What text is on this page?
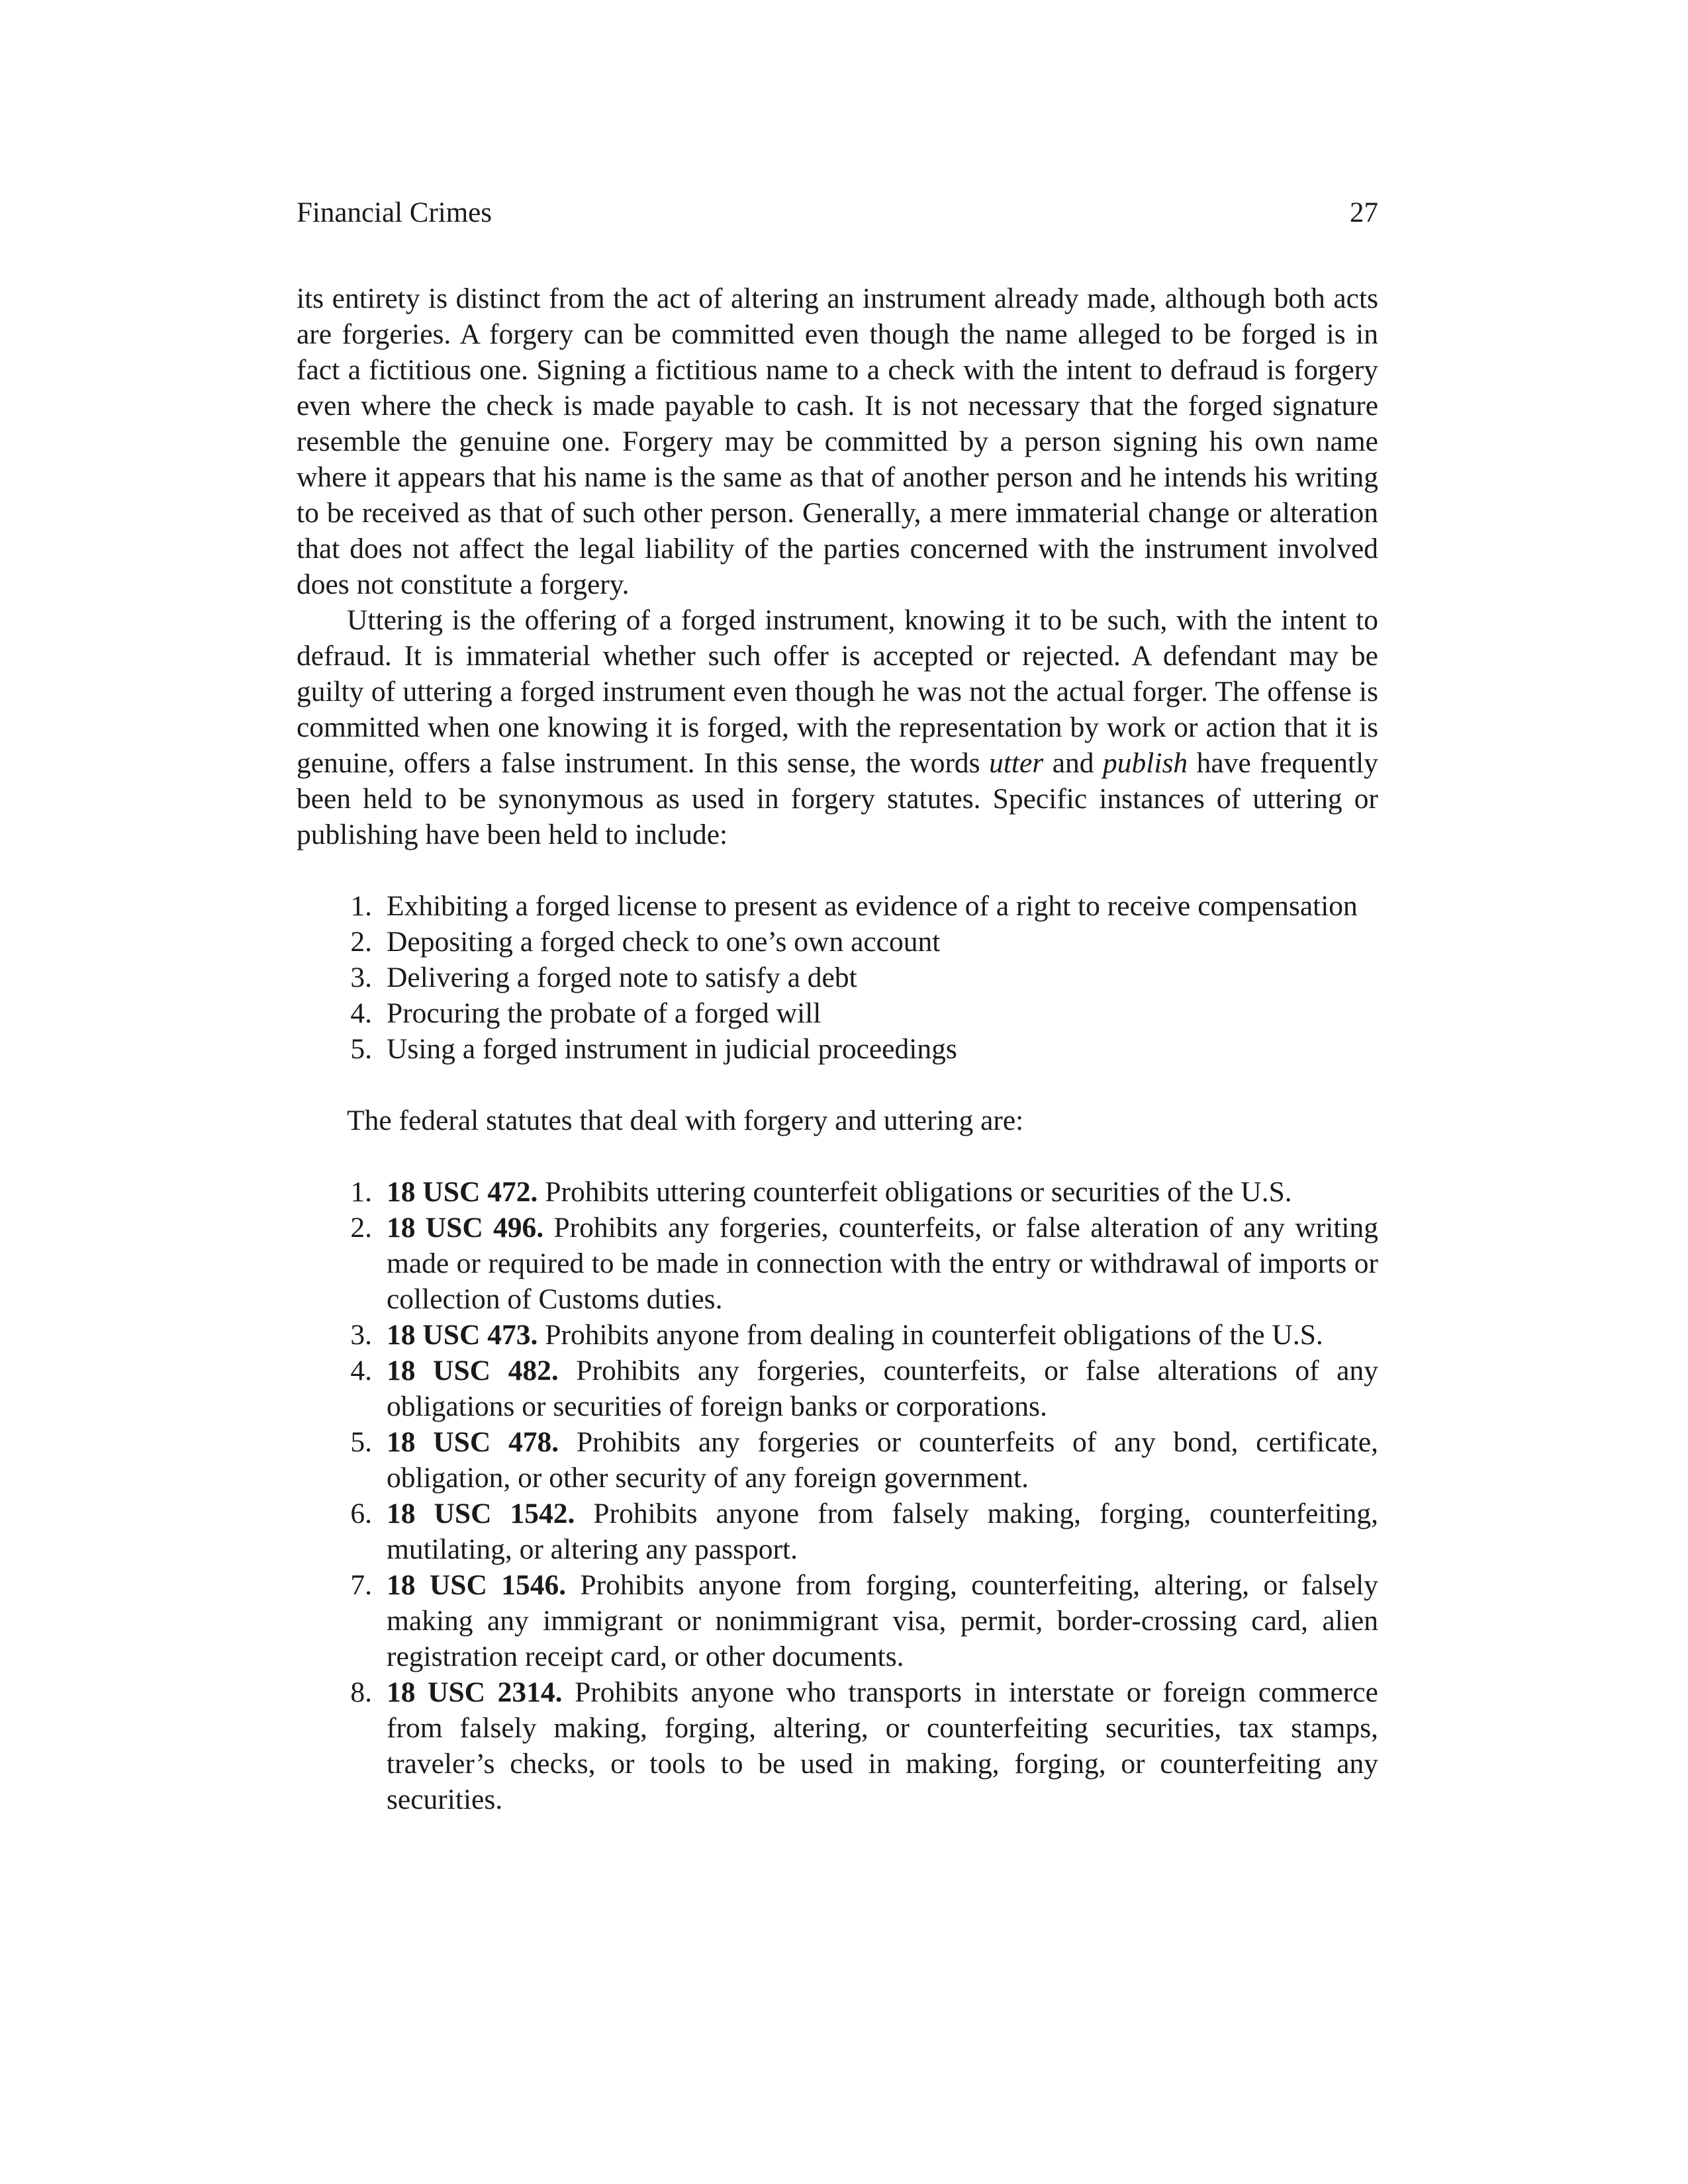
Financial Crimes	27

its entirety is distinct from the act of altering an instrument already made, although both acts are forgeries. A forgery can be committed even though the name alleged to be forged is in fact a fictitious one. Signing a fictitious name to a check with the intent to defraud is forgery even where the check is made payable to cash. It is not necessary that the forged signature resemble the genuine one. Forgery may be committed by a person signing his own name where it appears that his name is the same as that of another person and he intends his writing to be received as that of such other person. Generally, a mere immaterial change or alteration that does not affect the legal liability of the parties concerned with the instrument involved does not constitute a forgery.

Uttering is the offering of a forged instrument, knowing it to be such, with the intent to defraud. It is immaterial whether such offer is accepted or rejected. A defendant may be guilty of uttering a forged instrument even though he was not the actual forger. The offense is committed when one knowing it is forged, with the representation by work or action that it is genuine, offers a false instrument. In this sense, the words utter and publish have frequently been held to be synonymous as used in forgery statutes. Specific instances of uttering or publishing have been held to include:

1. Exhibiting a forged license to present as evidence of a right to receive compensation
2. Depositing a forged check to one’s own account
3. Delivering a forged note to satisfy a debt
4. Procuring the probate of a forged will
5. Using a forged instrument in judicial proceedings

The federal statutes that deal with forgery and uttering are:

1. 18 USC 472. Prohibits uttering counterfeit obligations or securities of the U.S.
2. 18 USC 496. Prohibits any forgeries, counterfeits, or false alteration of any writing made or required to be made in connection with the entry or withdrawal of imports or collection of Customs duties.
3. 18 USC 473. Prohibits anyone from dealing in counterfeit obligations of the U.S.
4. 18 USC 482. Prohibits any forgeries, counterfeits, or false alterations of any obligations or securities of foreign banks or corporations.
5. 18 USC 478. Prohibits any forgeries or counterfeits of any bond, certificate, obligation, or other security of any foreign government.
6. 18 USC 1542. Prohibits anyone from falsely making, forging, counterfeiting, mutilating, or altering any passport.
7. 18 USC 1546. Prohibits anyone from forging, counterfeiting, altering, or falsely making any immigrant or nonimmigrant visa, permit, border-crossing card, alien registration receipt card, or other documents.
8. 18 USC 2314. Prohibits anyone who transports in interstate or foreign commerce from falsely making, forging, altering, or counterfeiting securities, tax stamps, traveler’s checks, or tools to be used in making, forging, or counterfeiting any securities.
